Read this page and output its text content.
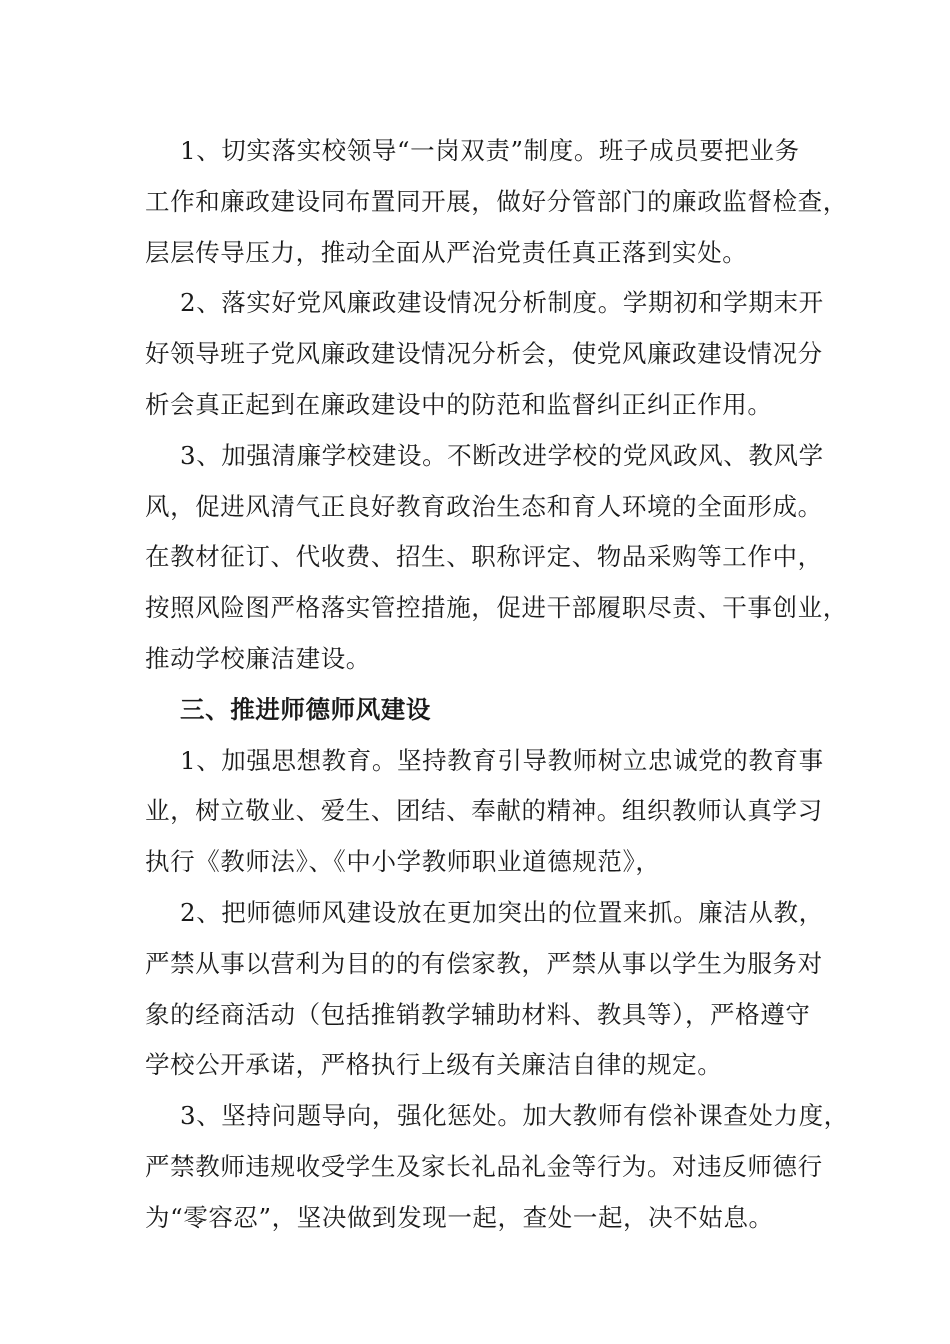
1、切实落实校领导“一岗双责”制度。班子成员要把业务
工作和廉政建设同布置同开展，做好分管部门的廉政监督检查，
层层传导压力，推动全面从严治党责任真正落到实处。

2、落实好党风廉政建设情况分析制度。学期初和学期末开
好领导班子党风廉政建设情况分析会，使党风廉政建设情况分
析会真正起到在廉政建设中的防范和监督纠正纠正作用。

3、加强清廉学校建设。不断改进学校的党风政风、教风学
风，促进风清气正良好教育政治生态和育人环境的全面形成。
在教材征订、代收费、招生、职称评定、物品采购等工作中，
按照风险图严格落实管控措施，促进干部履职尽责、干事创业，
推动学校廉洁建设。

三、推进师德师风建设

1、加强思想教育。坚持教育引导教师树立忠诚党的教育事
业，树立敬业、爱生、团结、奉献的精神。组织教师认真学习
执行《教师法》、《中小学教师职业道德规范》，

2、把师德师风建设放在更加突出的位置来抓。廉洁从教，
严禁从事以营利为目的的有偿家教，严禁从事以学生为服务对
象的经商活动（包括推销教学辅助材料、教具等），严格遵守
学校公开承诺，严格执行上级有关廉洁自律的规定。

3、坚持问题导向，强化惩处。加大教师有偿补课查处力度，
严禁教师违规收受学生及家长礼品礼金等行为。对违反师德行
为“零容忍”，坚决做到发现一起，查处一起，决不姑息。
